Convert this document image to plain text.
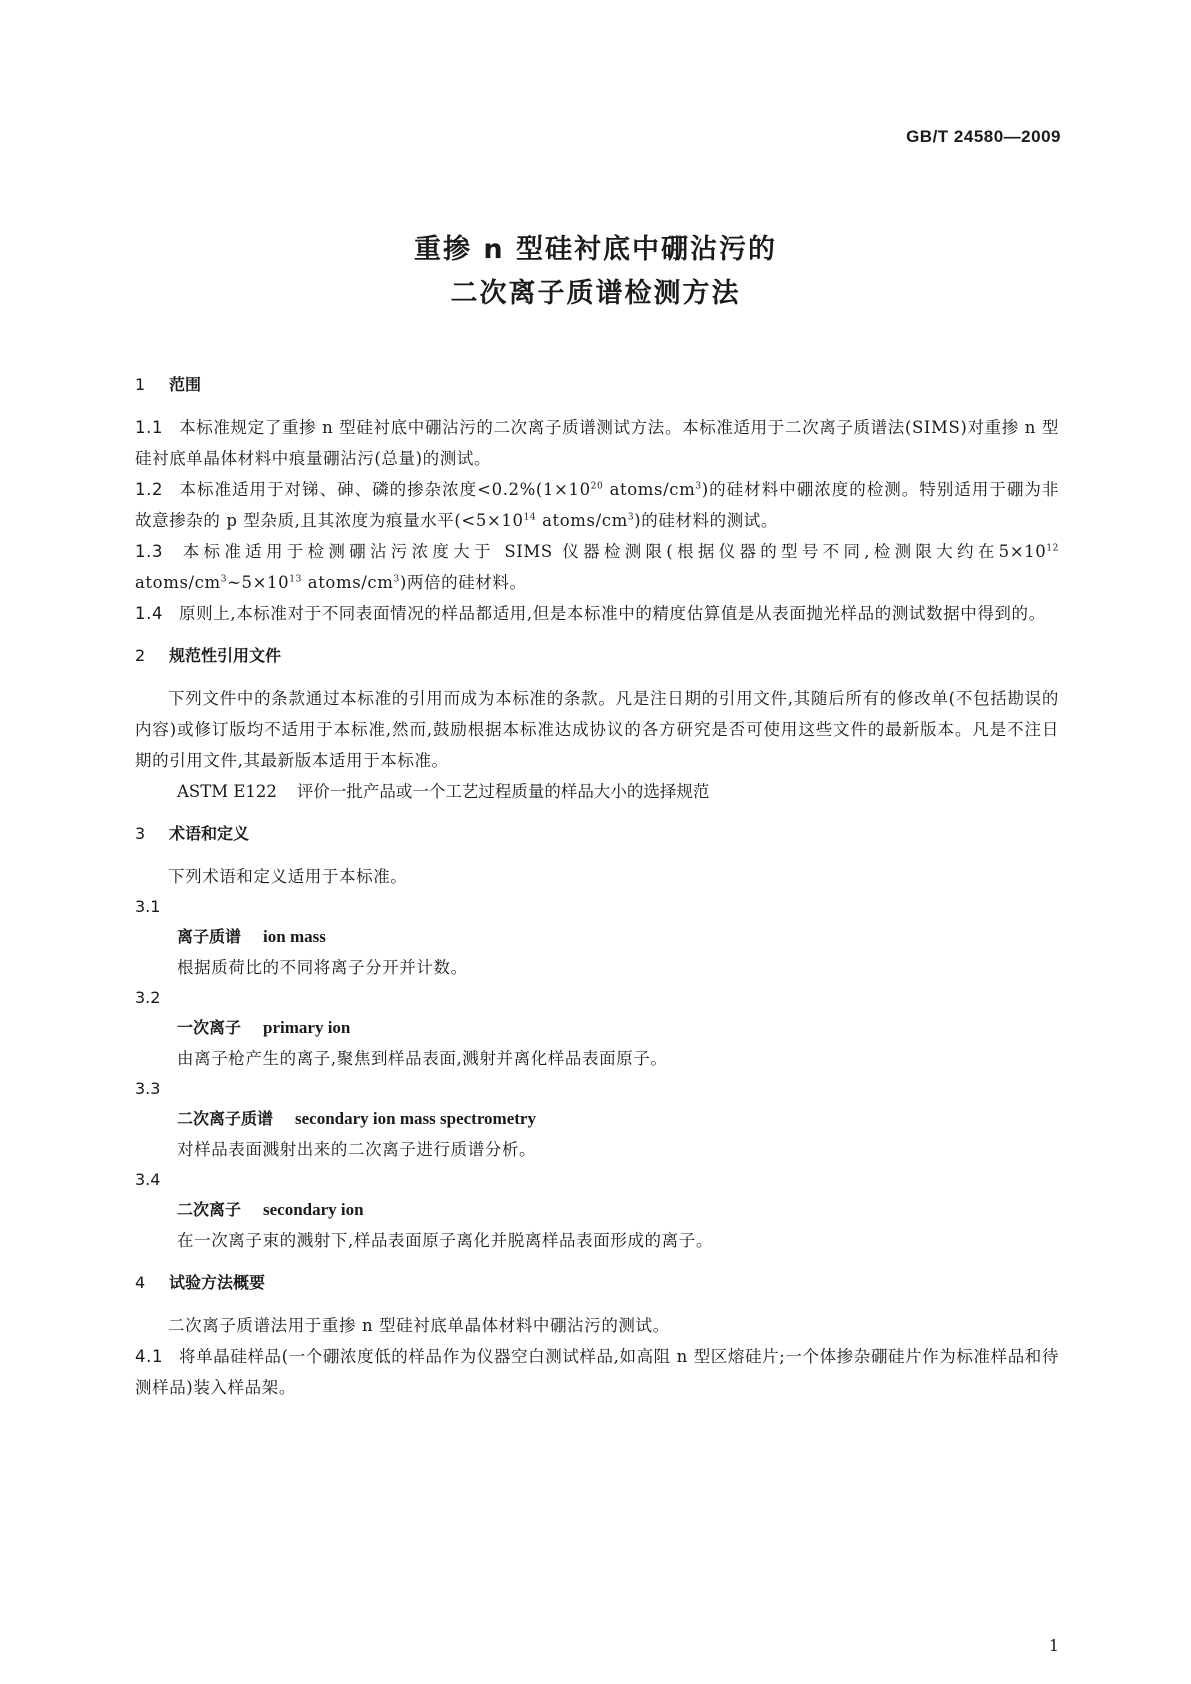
GB/T 24580—2009
重掺 n 型硅衬底中硼沾污的
二次离子质谱检测方法

1 范围

1.1 本标准规定了重掺 n 型硅衬底中硼沾污的二次离子质谱测试方法。本标准适用于二次离子质谱法(SIMS)对重掺 n 型硅衬底单晶体材料中痕量硼沾污(总量)的测试。

1.2 本标准适用于对锑、砷、磷的掺杂浓度$<0.2\%(1\times 10^{20}$ atoms/$cm^3$)的硅材料中硼浓度的检测。特别适用于硼为非故意掺杂的 p 型杂质,且其浓度为痕量水平($<5\times 10^{14}$ atoms/$cm^3$)的硅材料的测试。

1.3 本标准适用于检测硼沾污浓度大于 SIMS 仪器检测限(根据仪器的型号不同,检测限大约在$5\times 10^{12}$ atoms/$cm^3\sim 5\times 10^{13}$ atoms/$cm^3$)两倍的硅材料。

1.4 原则上,本标准对于不同表面情况的样品都适用,但是本标准中的精度估算值是从表面抛光样品的测试数据中得到的。

2 规范性引用文件

下列文件中的条款通过本标准的引用而成为本标准的条款。凡是注日期的引用文件,其随后所有的修改单(不包括勘误的内容)或修订版均不适用于本标准,然而,鼓励根据本标准达成协议的各方研究是否可使用这些文件的最新版本。凡是不注日期的引用文件,其最新版本适用于本标准。

ASTM E122 评价一批产品或一个工艺过程质量的样品大小的选择规范

3 术语和定义

下列术语和定义适用于本标准。

3.1

离子质谱 ion mass

根据质荷比的不同将离子分开并计数。

3.2

一次离子 primary ion

由离子枪产生的离子,聚焦到样品表面,溅射并离化样品表面原子。

3.3

二次离子质谱 secondary ion mass spectrometry

对样品表面溅射出来的二次离子进行质谱分析。

3.4

二次离子 secondary ion

在一次离子束的溅射下,样品表面原子离化并脱离样品表面形成的离子。

4 试验方法概要

二次离子质谱法用于重掺 n 型硅衬底单晶体材料中硼沾污的测试。

4.1 将单晶硅样品(一个硼浓度低的样品作为仪器空白测试样品,如高阻 n 型区熔硅片;一个体掺杂硼硅片作为标准样品和待测样品)装入样品架。

1
